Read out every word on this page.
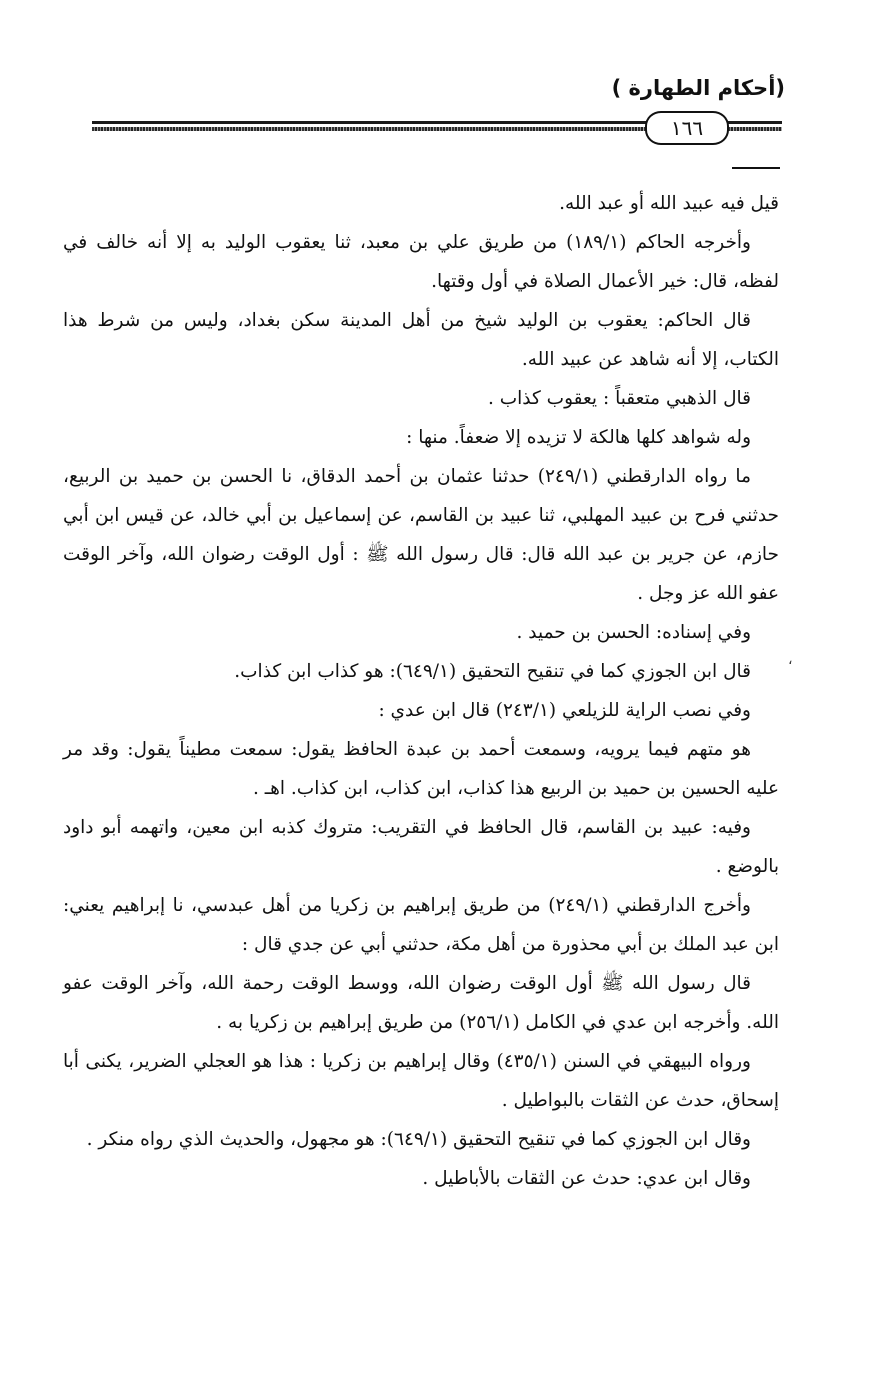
(أحكام الطهارة )
١٦٦
،

قيل فيه عبيد الله أو عبد الله.

وأخرجه الحاكم (١٨٩/١) من طريق علي بن معبد، ثنا يعقوب الوليد به إلا أنه خالف في لفظه، قال: خير الأعمال الصلاة في أول وقتها.

قال الحاكم: يعقوب بن الوليد شيخ من أهل المدينة سكن بغداد، وليس من شرط هذا الكتاب، إلا أنه شاهد عن عبيد الله.

قال الذهبي متعقباً : يعقوب كذاب .

وله شواهد كلها هالكة لا تزيده إلا ضعفاً. منها :

ما رواه الدارقطني (٢٤٩/١) حدثنا عثمان بن أحمد الدقاق، نا الحسن بن حميد بن الربيع، حدثني فرح بن عبيد المهلبي، ثنا عبيد بن القاسم، عن إسماعيل بن أبي خالد، عن قيس ابن أبي حازم، عن جرير بن عبد الله قال: قال رسول الله ﷺ : أول الوقت رضوان الله، وآخر الوقت عفو الله عز وجل .

وفي إسناده: الحسن بن حميد .

قال ابن الجوزي كما في تنقيح التحقيق (٦٤٩/١): هو كذاب ابن كذاب.

وفي نصب الراية للزيلعي (٢٤٣/١) قال ابن عدي :

هو متهم فيما يرويه، وسمعت أحمد بن عبدة الحافظ يقول: سمعت مطيناً يقول: وقد مر عليه الحسين بن حميد بن الربيع هذا كذاب، ابن كذاب، ابن كذاب. اهـ .

وفيه: عبيد بن القاسم، قال الحافظ في التقريب: متروك كذبه ابن معين، واتهمه أبو داود بالوضع .

وأخرج الدارقطني (٢٤٩/١) من طريق إبراهيم بن زكريا من أهل عبدسي، نا إبراهيم يعني: ابن عبد الملك بن أبي محذورة من أهل مكة، حدثني أبي عن جدي قال :

قال رسول الله ﷺ أول الوقت رضوان الله، ووسط الوقت رحمة الله، وآخر الوقت عفو الله. وأخرجه ابن عدي في الكامل (٢٥٦/١) من طريق إبراهيم بن زكريا به .

ورواه البيهقي في السنن (٤٣٥/١) وقال إبراهيم بن زكريا : هذا هو العجلي الضرير، يكنى أبا إسحاق، حدث عن الثقات بالبواطيل .

وقال ابن الجوزي كما في تنقيح التحقيق (٦٤٩/١): هو مجهول، والحديث الذي رواه منكر .

وقال ابن عدي: حدث عن الثقات بالأباطيل .
